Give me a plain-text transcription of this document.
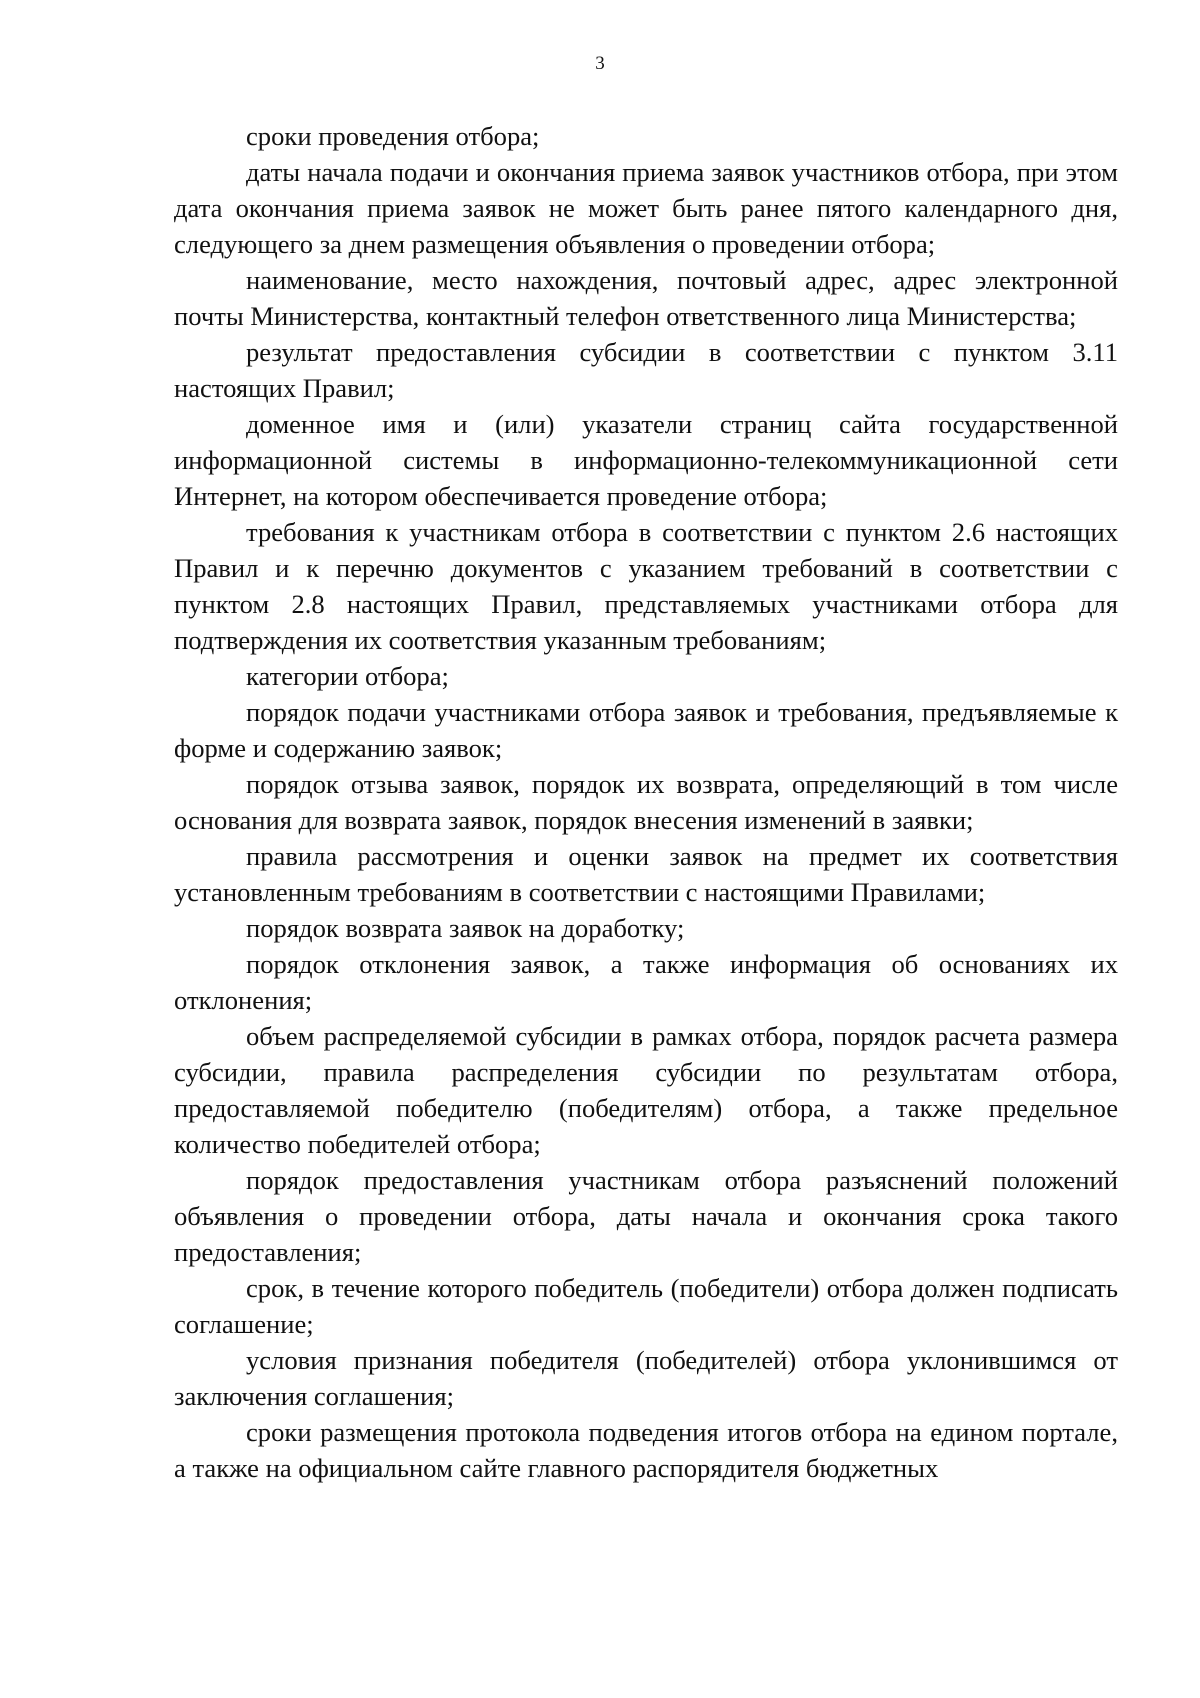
3

сроки проведения отбора;

даты начала подачи и окончания приема заявок участников отбора, при этом дата окончания приема заявок не может быть ранее пятого календарного дня, следующего за днем размещения объявления о проведении отбора;

наименование, место нахождения, почтовый адрес, адрес электронной почты Министерства, контактный телефон ответственного лица Министерства;

результат предоставления субсидии в соответствии с пунктом 3.11 настоящих Правил;

доменное имя и (или) указатели страниц сайта государственной информационной системы в информационно-телекоммуникационной сети Интернет, на котором обеспечивается проведение отбора;

требования к участникам отбора в соответствии с пунктом 2.6 настоящих Правил и к перечню документов с указанием требований в соответствии с пунктом 2.8 настоящих Правил, представляемых участниками отбора для подтверждения их соответствия указанным требованиям;

категории отбора;

порядок подачи участниками отбора заявок и требования, предъявляемые к форме и содержанию заявок;

порядок отзыва заявок, порядок их возврата, определяющий в том числе основания для возврата заявок, порядок внесения изменений в заявки;

правила рассмотрения и оценки заявок на предмет их соответствия установленным требованиям в соответствии с настоящими Правилами;

порядок возврата заявок на доработку;

порядок отклонения заявок, а также информация об основаниях их отклонения;

объем распределяемой субсидии в рамках отбора, порядок расчета размера субсидии, правила распределения субсидии по результатам отбора, предоставляемой победителю (победителям) отбора, а также предельное количество победителей отбора;

порядок предоставления участникам отбора разъяснений положений объявления о проведении отбора, даты начала и окончания срока такого предоставления;

срок, в течение которого победитель (победители) отбора должен подписать соглашение;

условия признания победителя (победителей) отбора уклонившимся от заключения соглашения;

сроки размещения протокола подведения итогов отбора на едином портале, а также на официальном сайте главного распорядителя бюджетных
